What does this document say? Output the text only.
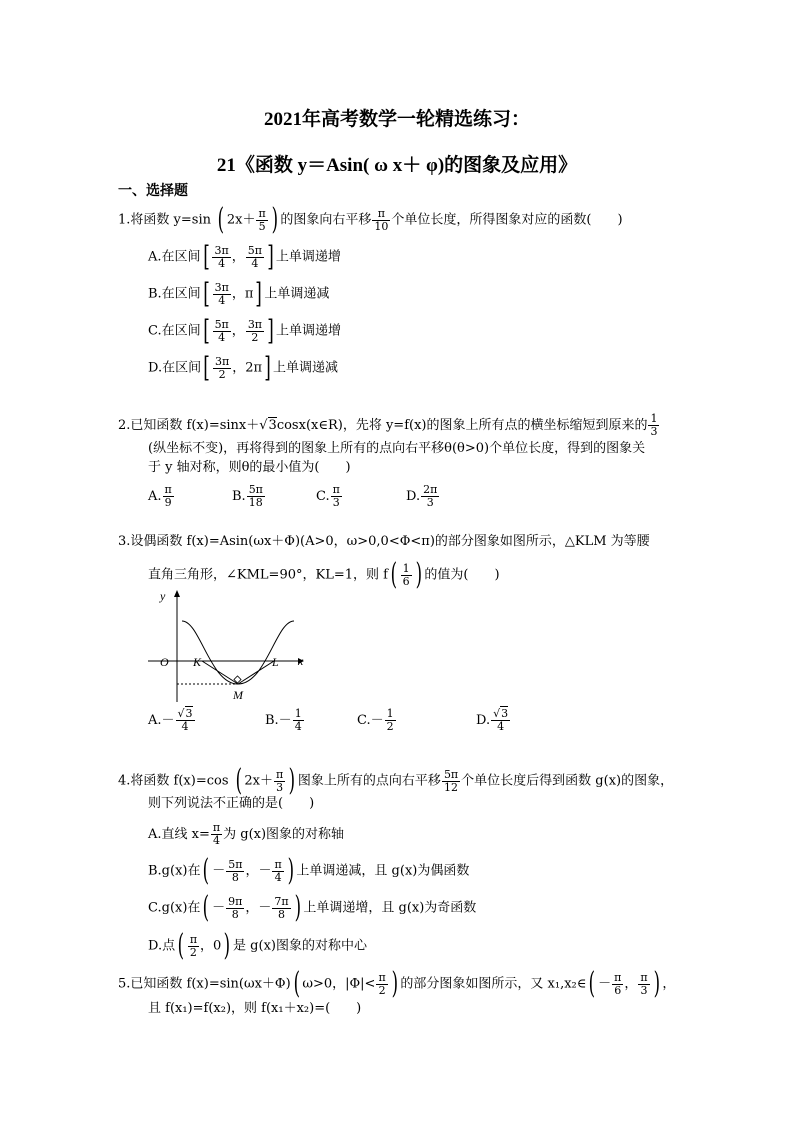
2021年高考数学一轮精选练习：
21《函数 y＝Asin( ω x＋ φ)的图象及应用》
一、选择题
1.将函数 y=sin ( $2x+ \frac{\pi}{5}$ ) 的图象向右平移 $\frac{\pi}{10}$ 个单位长度，所得图象对应的函数(　　)
A.在区间[ $\frac{3\pi}{4}$ ， $\frac{5\pi}{4}$ ] 上单调递增
B.在区间[ $\frac{3\pi}{4}$ ，π] 上单调递减
C.在区间[ $\frac{5\pi}{4}$ ， $\frac{3\pi}{2}$ ] 上单调递增
D.在区间[ $\frac{3\pi}{2}$ ，2π] 上单调递减
2.已知函数 f(x)=sinx＋√3cosx(x∈R)，先将 y=f(x)的图象上所有点的横坐标缩短到原来的 $\frac{1}{3}$
(纵坐标不变)，再将得到的图象上所有的点向右平移θ(θ>0)个单位长度，得到的图象关
于 y 轴对称，则θ的最小值为(　　)
A. $\frac{\pi}{9}$	B. $\frac{5\pi}{18}$	C. $\frac{\pi}{3}$	D. $\frac{2\pi}{3}$
3.设偶函数 f(x)=Asin(ωx＋Φ)(A>0，ω>0,0<Φ<π)的部分图象如图所示，△KLM 为等腰
直角三角形，∠KML=90°，KL=1，则 $f( \frac{1}{6}$ ) 的值为(　　)
y
x
O K	L
M
$A.- \frac{√3}{4}$	$B.- \frac{1}{4}$	$C.- \frac{1}{2}$	D. $\frac{√3}{4}$
4.将函数 f(x)=cos ( $2x+ \frac{\pi}{3}$ ) 图象上所有的点向右平移 $\frac{5\pi}{12}$ 个单位长度后得到函数 g(x)的图象，
则下列说法不正确的是(　　)
A.直线 $x= \frac{\pi}{4}$ 为 g(x)图象的对称轴
B.g(x)在( － $\frac{5\pi}{8}$ ，－ $\frac{\pi}{4}$ ) 上单调递减，且 g(x)为偶函数
C.g(x)在( － $\frac{9\pi}{8}$ ，－ $\frac{7\pi}{8}$ ) 上单调递增，且 g(x)为奇函数
D.点( $\frac{\pi}{2}$ ，0) 是 g(x)图象的对称中心
5.已知函数 f(x)=sin(ωx＋Φ)( ω>0，$|\Phi|< \frac{\pi}{2}$ ) 的部分图象如图所示，又 x₁,x₂∈( － $\frac{\pi}{6}$ ， $\frac{\pi}{3}$ ) ，
且 f(x₁)=f(x₂)，则 f(x₁＋x₂)=(　　)
